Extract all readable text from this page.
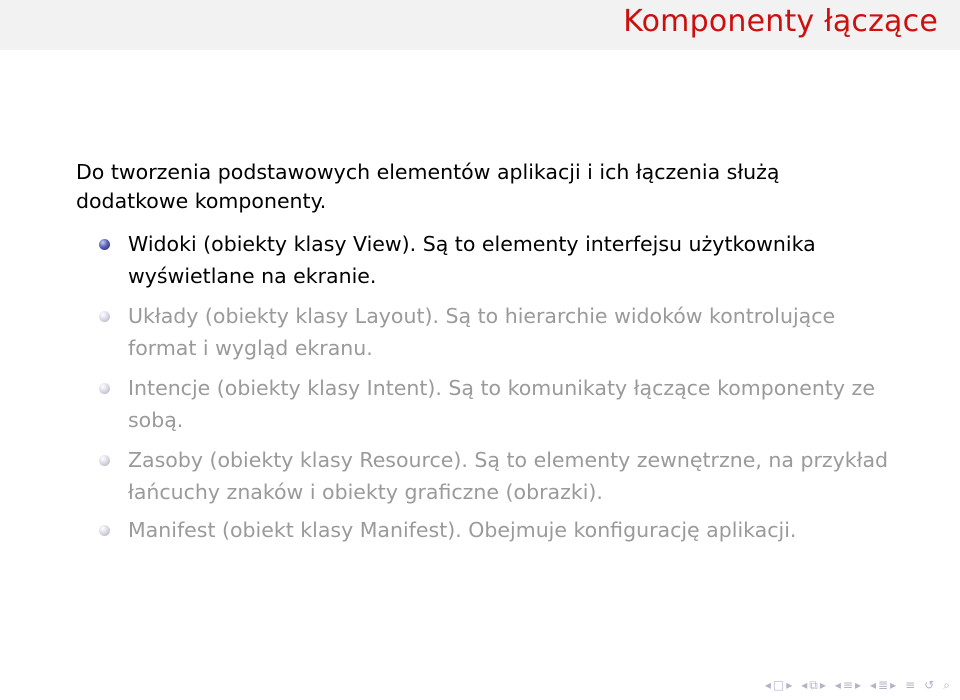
Komponenty łączące
Do tworzenia podstawowych elementów aplikacji i ich łączenia służą dodatkowe komponenty.
Widoki (obiekty klasy View). Są to elementy interfejsu użytkownika wyświetlane na ekranie.
Układy (obiekty klasy Layout). Są to hierarchie widoków kontrolujące format i wygląd ekranu.
Intencje (obiekty klasy Intent). Są to komunikaty łączące komponenty ze sobą.
Zasoby (obiekty klasy Resource). Są to elementy zewnętrzne, na przykład łańcuchy znaków i obiekty graficzne (obrazki).
Manifest (obiekt klasy Manifest). Obejmuje konfigurację aplikacji.
◂ □ ▸ ◂ ⧉ ▸ ◂ ≡ ▸ ◂ ≣ ▸ ≡ ↺ ⌕
